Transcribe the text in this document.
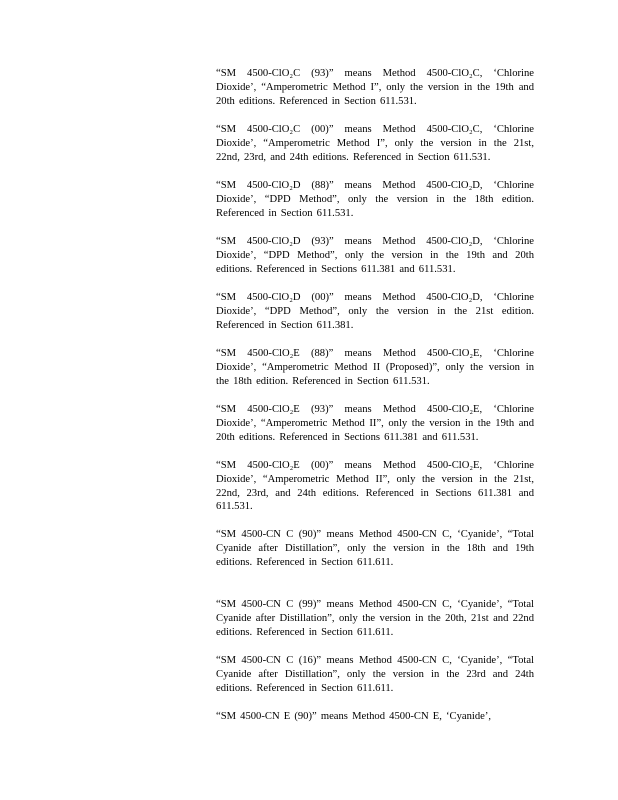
“SM 4500-ClO₂C (93)” means Method 4500-ClO₂C, ‘Chlorine Dioxide’, “Amperometric Method I”, only the version in the 19th and 20th editions. Referenced in Section 611.531.

“SM 4500-ClO₂C (00)” means Method 4500-ClO₂C, ‘Chlorine Dioxide’, “Amperometric Method I”, only the version in the 21st, 22nd, 23rd, and 24th editions. Referenced in Section 611.531.

“SM 4500-ClO₂D (88)” means Method 4500-ClO₂D, ‘Chlorine Dioxide’, “DPD Method”, only the version in the 18th edition. Referenced in Section 611.531.

“SM 4500-ClO₂D (93)” means Method 4500-ClO₂D, ‘Chlorine Dioxide’, “DPD Method”, only the version in the 19th and 20th editions. Referenced in Sections 611.381 and 611.531.

“SM 4500-ClO₂D (00)” means Method 4500-ClO₂D, ‘Chlorine Dioxide’, “DPD Method”, only the version in the 21st edition. Referenced in Section 611.381.

“SM 4500-ClO₂E (88)” means Method 4500-ClO₂E, ‘Chlorine Dioxide’, “Amperometric Method II (Proposed)”, only the version in the 18th edition. Referenced in Section 611.531.

“SM 4500-ClO₂E (93)” means Method 4500-ClO₂E, ‘Chlorine Dioxide’, “Amperometric Method II”, only the version in the 19th and 20th editions. Referenced in Sections 611.381 and 611.531.

“SM 4500-ClO₂E (00)” means Method 4500-ClO₂E, ‘Chlorine Dioxide’, “Amperometric Method II”, only the version in the 21st, 22nd, 23rd, and 24th editions. Referenced in Sections 611.381 and 611.531.

“SM 4500-CN C (90)” means Method 4500-CN C, ‘Cyanide’, “Total Cyanide after Distillation”, only the version in the 18th and 19th editions. Referenced in Section 611.611.

“SM 4500-CN C (99)” means Method 4500-CN C, ‘Cyanide’, “Total Cyanide after Distillation”, only the version in the 20th, 21st and 22nd editions. Referenced in Section 611.611.

“SM 4500-CN C (16)” means Method 4500-CN C, ‘Cyanide’, “Total Cyanide after Distillation”, only the version in the 23rd and 24th editions. Referenced in Section 611.611.

“SM 4500-CN E (90)” means Method 4500-CN E, ‘Cyanide’,
